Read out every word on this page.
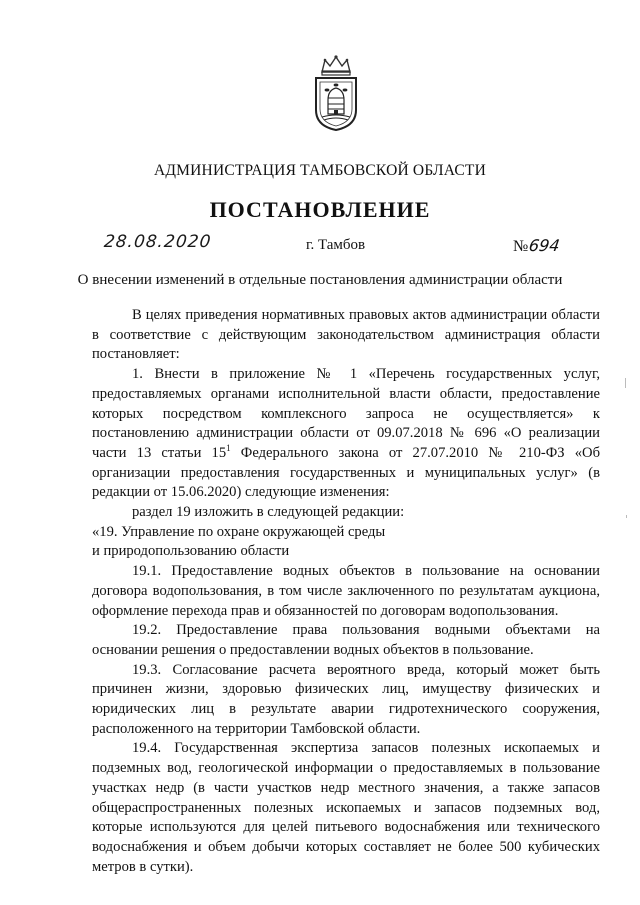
АДМИНИСТРАЦИЯ ТАМБОВСКОЙ ОБЛАСТИ
ПОСТАНОВЛЕНИЕ
28.08.2020	г. Тамбов	№694
О внесении изменений в отдельные постановления администрации области

В целях приведения нормативных правовых актов администрации области в соответствие с действующим законодательством администрация области постановляет:

1. Внести в приложение № 1 «Перечень государственных услуг, предоставляемых органами исполнительной власти области, предоставление которых посредством комплексного запроса не осуществляется» к постановлению администрации области от 09.07.2018 № 696 «О реализации части 13 статьи $15^1$ Федерального закона от 27.07.2010 № 210-ФЗ «Об организации предоставления государственных и муниципальных услуг» (в редакции от 15.06.2020) следующие изменения:

раздел 19 изложить в следующей редакции:

«19. Управление по охране окружающей среды

и природопользованию области

19.1. Предоставление водных объектов в пользование на основании договора водопользования, в том числе заключенного по результатам аукциона, оформление перехода прав и обязанностей по договорам водопользования.

19.2. Предоставление права пользования водными объектами на основании решения о предоставлении водных объектов в пользование.

19.3. Согласование расчета вероятного вреда, который может быть причинен жизни, здоровью физических лиц, имуществу физических и юридических лиц в результате аварии гидротехнического сооружения, расположенного на территории Тамбовской области.

19.4. Государственная экспертиза запасов полезных ископаемых и подземных вод, геологической информации о предоставляемых в пользование участках недр (в части участков недр местного значения, а также запасов общераспространенных полезных ископаемых и запасов подземных вод, которые используются для целей питьевого водоснабжения или технического водоснабжения и объем добычи которых составляет не более 500 кубических метров в сутки).
